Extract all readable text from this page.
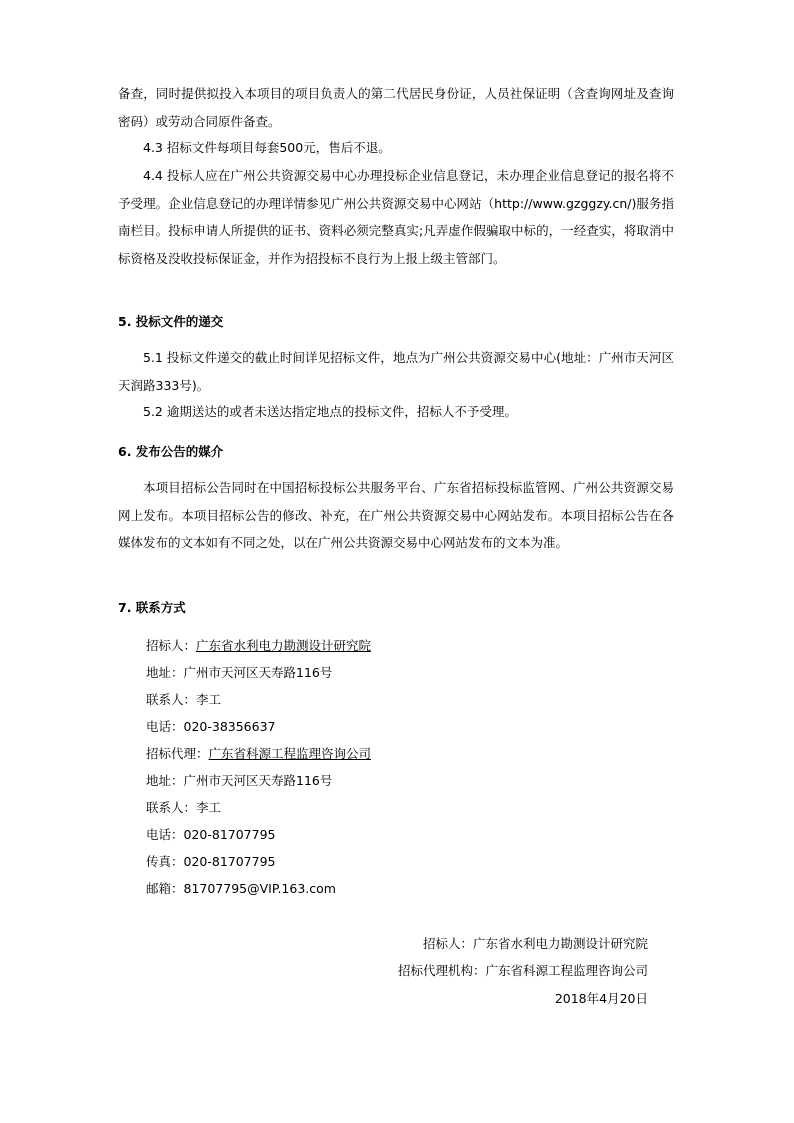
备查，同时提供拟投入本项目的项目负责人的第二代居民身份证，人员社保证明（含查询网址及查询密码）或劳动合同原件备查。
4.3 招标文件每项目每套500元，售后不退。
4.4 投标人应在广州公共资源交易中心办理投标企业信息登记，未办理企业信息登记的报名将不予受理。企业信息登记的办理详情参见广州公共资源交易中心网站（http://www.gzggzy.cn/)服务指南栏目。投标申请人所提供的证书、资料必须完整真实;凡弄虚作假骗取中标的，一经查实，将取消中标资格及没收投标保证金，并作为招投标不良行为上报上级主管部门。
5. 投标文件的递交
5.1 投标文件递交的截止时间详见招标文件，地点为广州公共资源交易中心(地址：广州市天河区天润路333号)。
5.2 逾期送达的或者未送达指定地点的投标文件，招标人不予受理。
6. 发布公告的媒介
本项目招标公告同时在中国招标投标公共服务平台、广东省招标投标监管网、广州公共资源交易网上发布。本项目招标公告的修改、补充，在广州公共资源交易中心网站发布。本项目招标公告在各媒体发布的文本如有不同之处，以在广州公共资源交易中心网站发布的文本为准。
7. 联系方式
招标人：广东省水利电力勘测设计研究院
地址：广州市天河区天寿路116号
联系人：李工
电话：020-38356637
招标代理：广东省科源工程监理咨询公司
地址：广州市天河区天寿路116号
联系人：李工
电话：020-81707795
传真：020-81707795
邮箱：81707795@VIP.163.com
招标人：广东省水利电力勘测设计研究院
招标代理机构：广东省科源工程监理咨询公司
2018年4月20日
